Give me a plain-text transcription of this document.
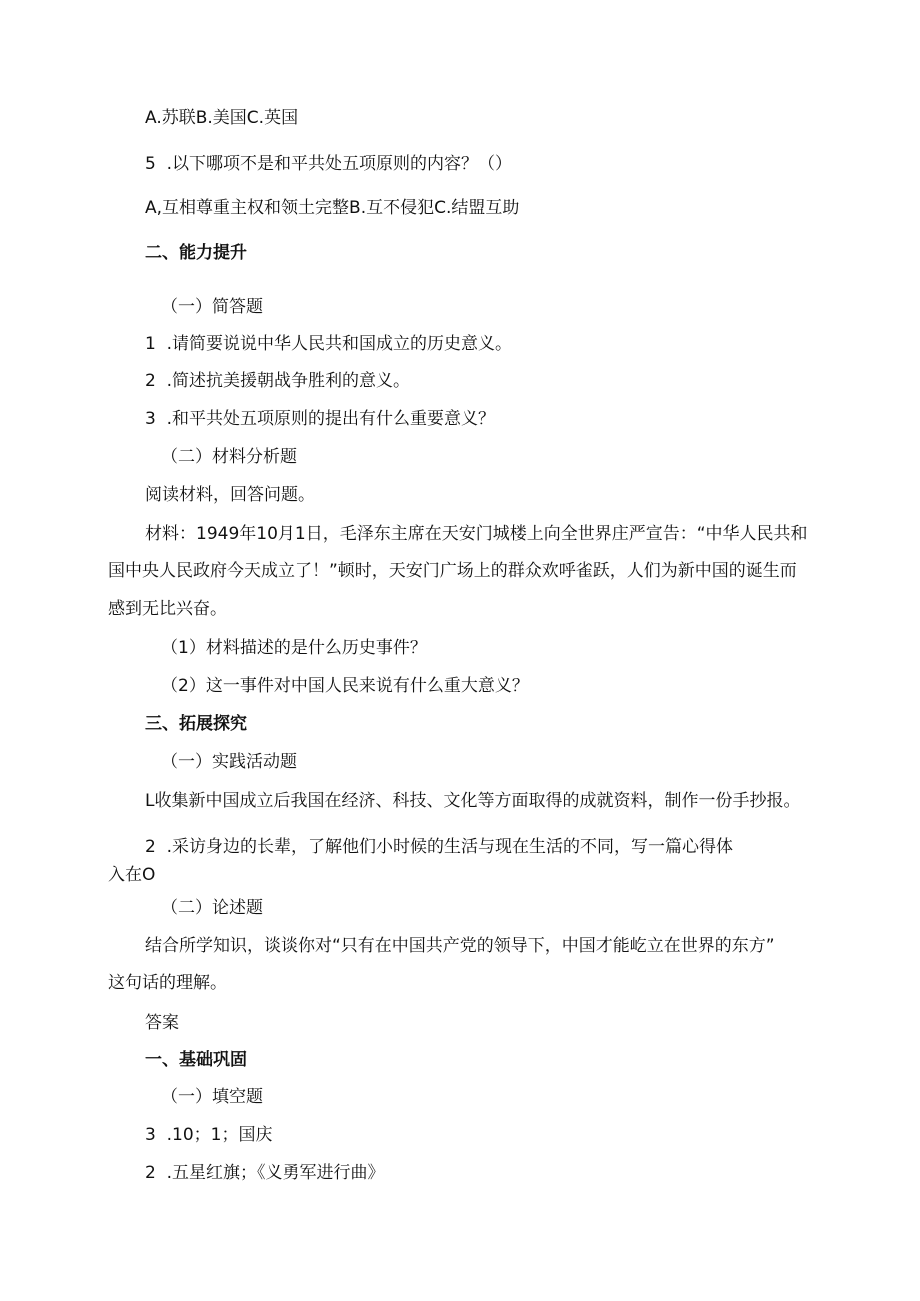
A.苏联B.美国C.英国

5  .以下哪项不是和平共处五项原则的内容？（）

A,互相尊重主权和领土完整B.互不侵犯C.结盟互助

二、能力提升

（一）简答题

1  .请简要说说中华人民共和国成立的历史意义。

2  .简述抗美援朝战争胜利的意义。

3  .和平共处五项原则的提出有什么重要意义？

（二）材料分析题

阅读材料，回答问题。

材料：1949年10月1日，毛泽东主席在天安门城楼上向全世界庄严宣告：“中华人民共和

国中央人民政府今天成立了！”顿时，天安门广场上的群众欢呼雀跃，人们为新中国的诞生而

感到无比兴奋。

（1）材料描述的是什么历史事件？

（2）这一事件对中国人民来说有什么重大意义？

三、拓展探究

（一）实践活动题

L收集新中国成立后我国在经济、科技、文化等方面取得的成就资料，制作一份手抄报。

2  .采访身边的长辈，了解他们小时候的生活与现在生活的不同，写一篇心得体

入在O

（二）论述题

结合所学知识，谈谈你对“只有在中国共产党的领导下，中国才能屹立在世界的东方”

这句话的理解。

答案

一、基础巩固

（一）填空题

3  .10；1；国庆

2  .五星红旗；《义勇军进行曲》
